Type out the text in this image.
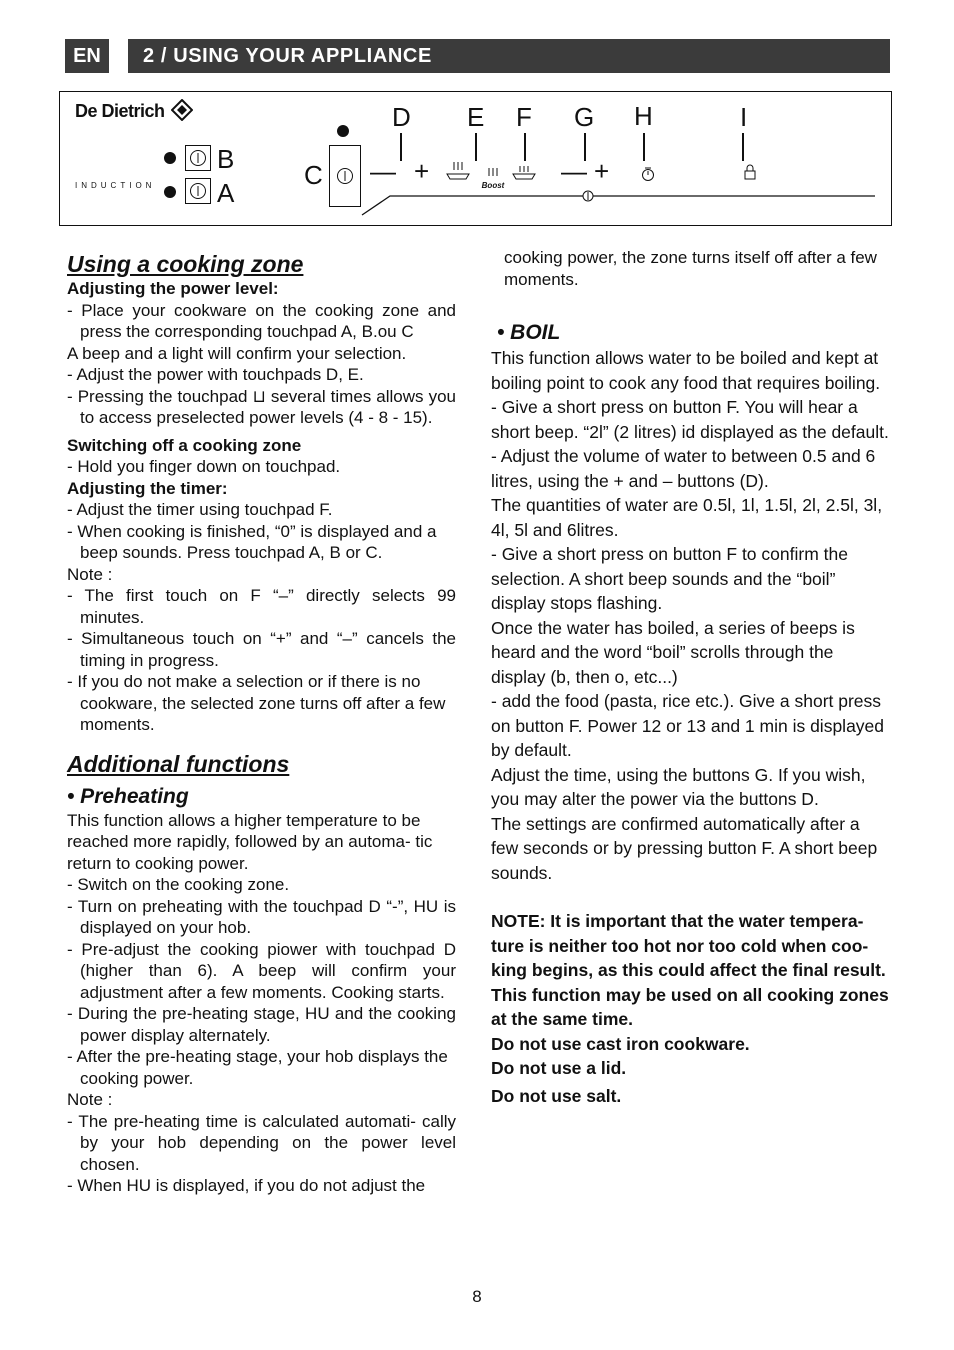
EN 2 / USING YOUR APPLIANCE
De Dietrich
INDUCTION
B
A
C
D E F G H	I
— +	Boost — +
Using a cooking zone

Adjusting the power level:

- Place your cookware on the cooking zone and press the corresponding touchpad A, B.ou C

A beep and a light will confirm your selection.

- Adjust the power with touchpads D, E.

- Pressing the touchpad ⊔ several times allows you to access preselected power levels (4 - 8 - 15).

Switching off a cooking zone

- Hold you finger down on touchpad.

Adjusting the timer:

- Adjust the timer using touchpad F.

- When cooking is finished, “0” is displayed and a beep sounds. Press touchpad A, B or C.

Note :

- The first touch on F “–” directly selects 99 minutes.

- Simultaneous touch on “+” and “–” cancels the timing in progress.

- If you do not make a selection or if there is no cookware, the selected zone turns off after a few moments.

Additional functions
• Preheating

This function allows a higher temperature to be reached more rapidly, followed by an automa- tic return to cooking power.

- Switch on the cooking zone.

- Turn on preheating with the touchpad D “-”, HU is displayed on your hob.

- Pre-adjust the cooking piower with touchpad D (higher than 6). A beep will confirm your adjustment after a few moments. Cooking starts.

- During the pre-heating stage, HU and the cooking power display alternately.

- After the pre-heating stage, your hob displays the cooking power.

Note :

- The pre-heating time is calculated automati- cally by your hob depending on the power level chosen.

- When HU is displayed, if you do not adjust the

cooking power, the zone turns itself off after a few moments.

• BOIL

This function allows water to be boiled and kept at boiling point to cook any food that requires boiling.

- Give a short press on button F. You will hear a short beep. “2l” (2 litres) id displayed as the default.

- Adjust the volume of water to between 0.5 and 6 litres, using the + and – buttons (D).

The quantities of water are 0.5l, 1l, 1.5l, 2l, 2.5l, 3l, 4l, 5l and 6litres.

- Give a short press on button F to confirm the selection. A short beep sounds and the “boil” display stops flashing.

Once the water has boiled, a series of beeps is heard and the word “boil” scrolls through the display (b, then o, etc...)

- add the food (pasta, rice etc.). Give a short press on button F. Power 12 or 13 and 1 min is displayed by default.

Adjust the time, using the buttons G. If you wish, you may alter the power via the buttons D.

The settings are confirmed automatically after a few seconds or by pressing button F. A short beep sounds.

NOTE: It is important that the water tempera- ture is neither too hot nor too cold when coo- king begins, as this could affect the final result.

This function may be used on all cooking zones at the same time.

Do not use cast iron cookware.

Do not use a lid.

Do not use salt.

8
